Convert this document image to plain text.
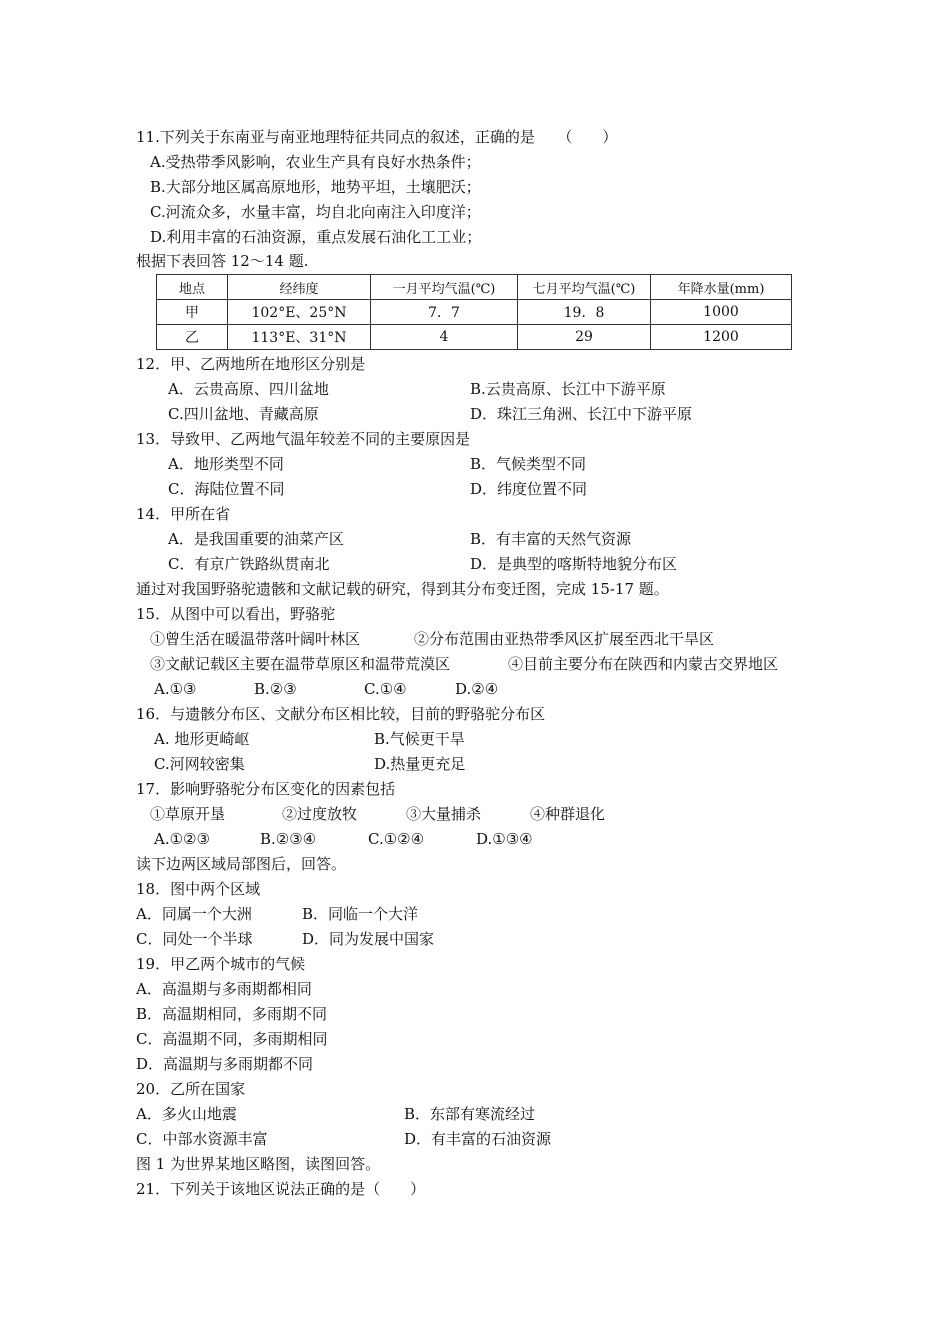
11.下列关于东南亚与南亚地理特征共同点的叙述，正确的是　　（　　）
A.受热带季风影响，农业生产具有良好水热条件；
B.大部分地区属高原地形，地势平坦，土壤肥沃；
C.河流众多，水量丰富，均自北向南注入印度洋；
D.利用丰富的石油资源，重点发展石油化工工业；
根据下表回答 12～14 题.
地点	经纬度	一月平均气温(℃)	七月平均气温(℃)	年降水量(mm)
甲	102°E、25°N	7．7	19．8	1000
乙	113°E、31°N	4	29	1200
12．甲、乙两地所在地形区分别是
A．云贵高原、四川盆地	B.云贵高原、长江中下游平原
C.四川盆地、青藏高原	D．珠江三角洲、长江中下游平原
13．导致甲、乙两地气温年较差不同的主要原因是
A．地形类型不同	B．气候类型不同
C．海陆位置不同	D．纬度位置不同
14．甲所在省
A．是我国重要的油菜产区	B．有丰富的天然气资源
C．有京广铁路纵贯南北	D．是典型的喀斯特地貌分布区
通过对我国野骆驼遗骸和文献记载的研究，得到其分布变迁图，完成 15-17 题。
15．从图中可以看出，野骆驼
①曾生活在暖温带落叶阔叶林区	②分布范围由亚热带季风区扩展至西北干旱区
③文献记载区主要在温带草原区和温带荒漠区	④目前主要分布在陕西和内蒙古交界地区
A.①③	B.②③	C.①④	D.②④
16．与遗骸分布区、文献分布区相比较，目前的野骆驼分布区
A. 地形更崎岖	B.气候更干旱
C.河网较密集	D.热量更充足
17．影响野骆驼分布区变化的因素包括
①草原开垦	②过度放牧	③大量捕杀	④种群退化
A.①②③	B.②③④	C.①②④	D.①③④
读下边两区域局部图后，回答。
18．图中两个区域
A．同属一个大洲	B．同临一个大洋
C．同处一个半球	D．同为发展中国家
19．甲乙两个城市的气候
A．高温期与多雨期都相同
B．高温期相同，多雨期不同
C．高温期不同，多雨期相同
D．高温期与多雨期都不同
20．乙所在国家
A．多火山地震	B．东部有寒流经过
C．中部水资源丰富	D．有丰富的石油资源
图 1 为世界某地区略图，读图回答。
21．下列关于该地区说法正确的是（　　）
